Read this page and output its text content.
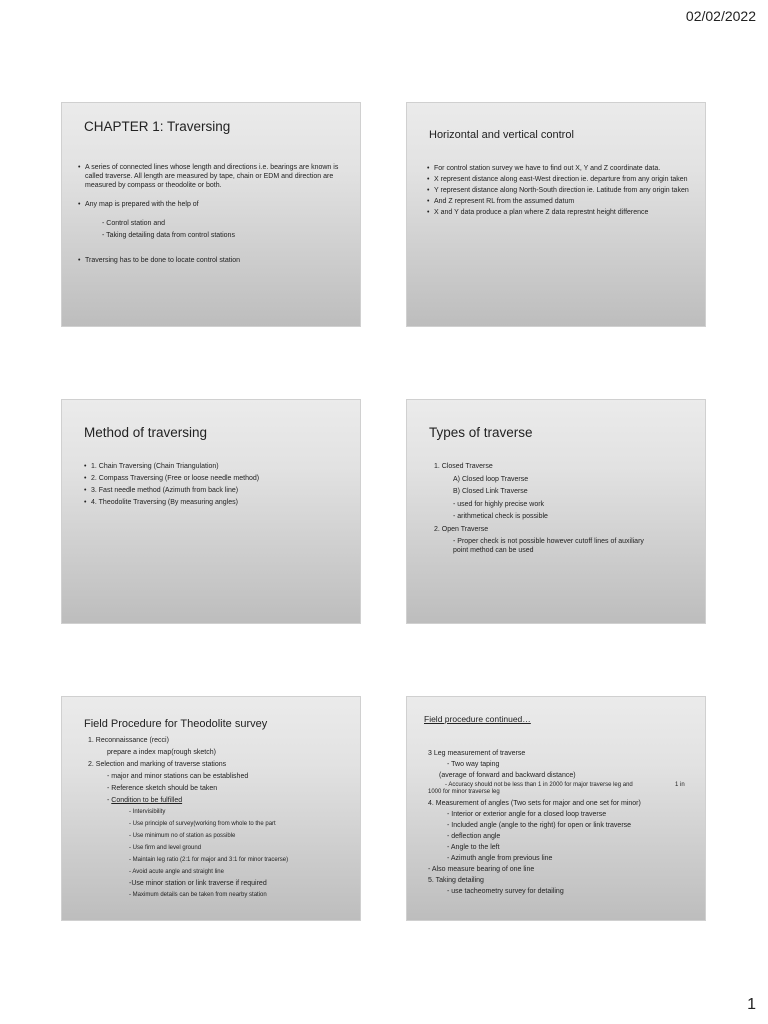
02/02/2022
CHAPTER 1: Traversing
• A series of connected lines whose length and directions i.e. bearings are known is called traverse. All length are measured by tape, chain or EDM and direction are measured by compass or theodolite or both.
• Any map is prepared with the help of
- Control station and
- Taking detailing data from control stations
• Traversing has to be done to locate control station
Horizontal and vertical control
• For control station survey we have to find out X, Y and Z coordinate data.
• X represent distance along east-West direction ie. departure from any origin taken
• Y represent distance along North-South direction ie. Latitude from any origin taken
• And Z represent RL from the assumed datum
• X and Y data produce a plan where Z data represtnt height difference
Method of traversing
• 1. Chain Traversing (Chain Triangulation)
• 2. Compass Traversing (Free or loose needle method)
• 3. Fast needle method (Azimuth from back line)
• 4. Theodolite Traversing (By measuring angles)
Types of traverse
1. Closed Traverse
A) Closed loop Traverse
B) Closed Link Traverse
- used for highly precise work
- arithmetical check is possible
2. Open Traverse
- Proper check is not possible however cutoff lines of auxiliary point method can be used
Field Procedure for Theodolite survey
1. Reconnaissance (recci)
prepare a index map(rough sketch)
2. Selection and marking of traverse stations
- major and minor stations can be established
- Reference sketch should be taken
- Condition to be fulfilled
- Intervisibility
- Use principle of survey(working from whole to the part
- Use minimum no of station as possible
- Use firm and level ground
- Maintain leg ratio (2:1 for major and 3:1 for minor tracerse)
- Avoid acute angle and straight line
-Use minor station or link traverse if required
- Maximum details can be taken from nearby station
Field procedure continued…
3 Leg measurement of traverse
- Two way taping
(average of forward and backward distance)
- Accuracy should not be less than 1 in 2000 for major traverse leg and	1 in
1000 for minor traverse leg
4. Measurement of angles (Two sets for major and one set for minor)
- Interior or exterior angle for a closed loop traverse
- Included angle (angle to the right) for open or link traverse
- deflection angle
- Angle to the left
- Azimuth angle from previous line
- Also measure bearing of one line
5. Taking detailing
- use tacheometry survey for detailing
1
